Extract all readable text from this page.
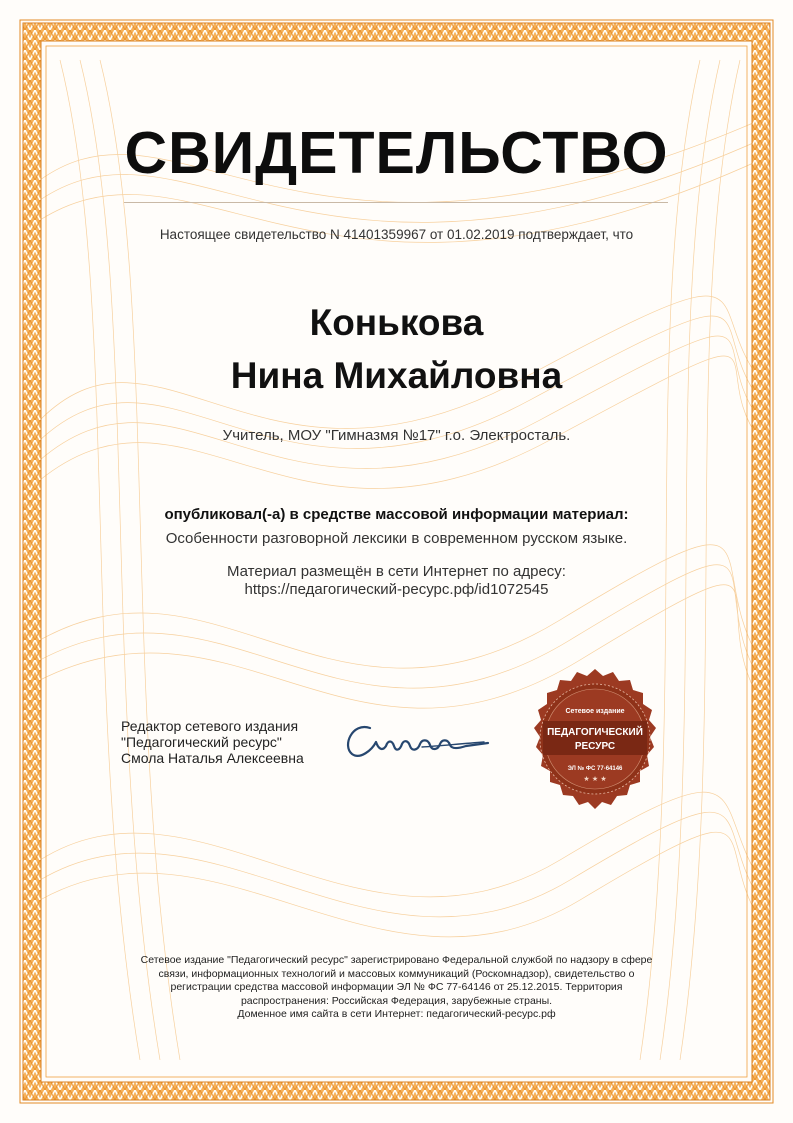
СВИДЕТЕЛЬСТВО
Настоящее свидетельство N 41401359967 от 01.02.2019 подтверждает, что
Конькова
Нина Михайловна
Учитель, МОУ "Гимназмя №17" г.о. Электросталь.
опубликовал(-а) в средстве массовой информации материал:
Особенности разговорной лексики в современном русском языке.
Материал размещён в сети Интернет по адресу:
https://педагогический-ресурс.рф/id1072545
Редактор сетевого издания
"Педагогический ресурс"
Смола Наталья Алексеевна
Сетевое издание
ПЕДАГОГИЧЕСКИЙ
РЕСУРС
ЭЛ № ФС 77-64146
★ ★ ★
Сетевое издание "Педагогический ресурс" зарегистрировано Федеральной службой по надзору в сфере
связи, информационных технологий и массовых коммуникаций (Роскомнадзор), свидетельство о
регистрации средства массовой информации ЭЛ № ФС 77-64146 от 25.12.2015. Территория
распространения: Российская Федерация, зарубежные страны.
Доменное имя сайта в сети Интернет: педагогический-ресурс.рф
